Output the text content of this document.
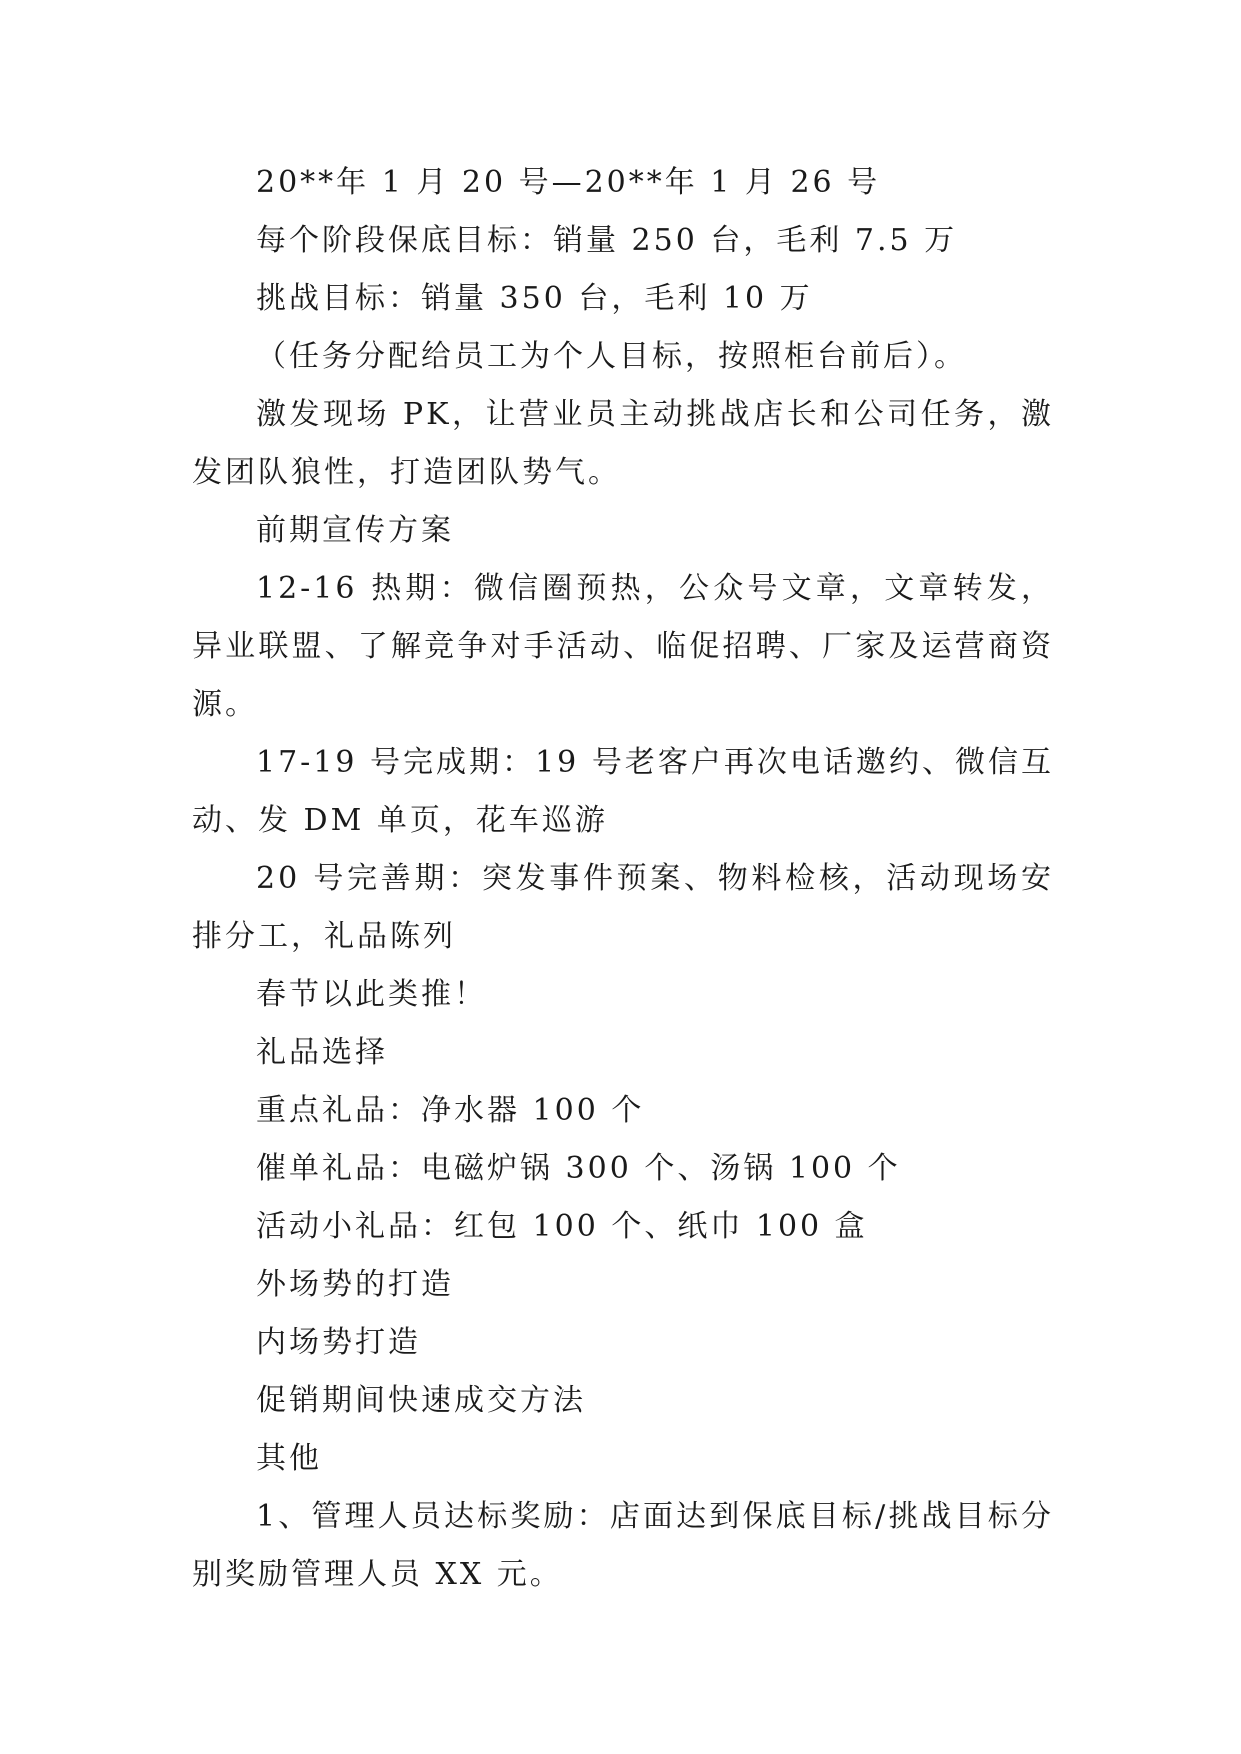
20**年 1 月 20 号—20**年 1 月 26 号

每个阶段保底目标：销量 250 台，毛利 7.5 万

挑战目标：销量 350 台，毛利 10 万

（任务分配给员工为个人目标，按照柜台前后）。

激发现场 PK，让营业员主动挑战店长和公司任务，激发团队狼性，打造团队势气。

前期宣传方案

12-16 热期：微信圈预热，公众号文章，文章转发，异业联盟、了解竞争对手活动、临促招聘、厂家及运营商资源。

17-19 号完成期：19 号老客户再次电话邀约、微信互动、发 DM 单页，花车巡游

20 号完善期：突发事件预案、物料检核，活动现场安排分工，礼品陈列

春节以此类推！

礼品选择

重点礼品：净水器 100 个

催单礼品：电磁炉锅 300 个、汤锅 100 个

活动小礼品：红包 100 个、纸巾 100 盒

外场势的打造

内场势打造

促销期间快速成交方法

其他

1、管理人员达标奖励：店面达到保底目标/挑战目标分别奖励管理人员 XX 元。
